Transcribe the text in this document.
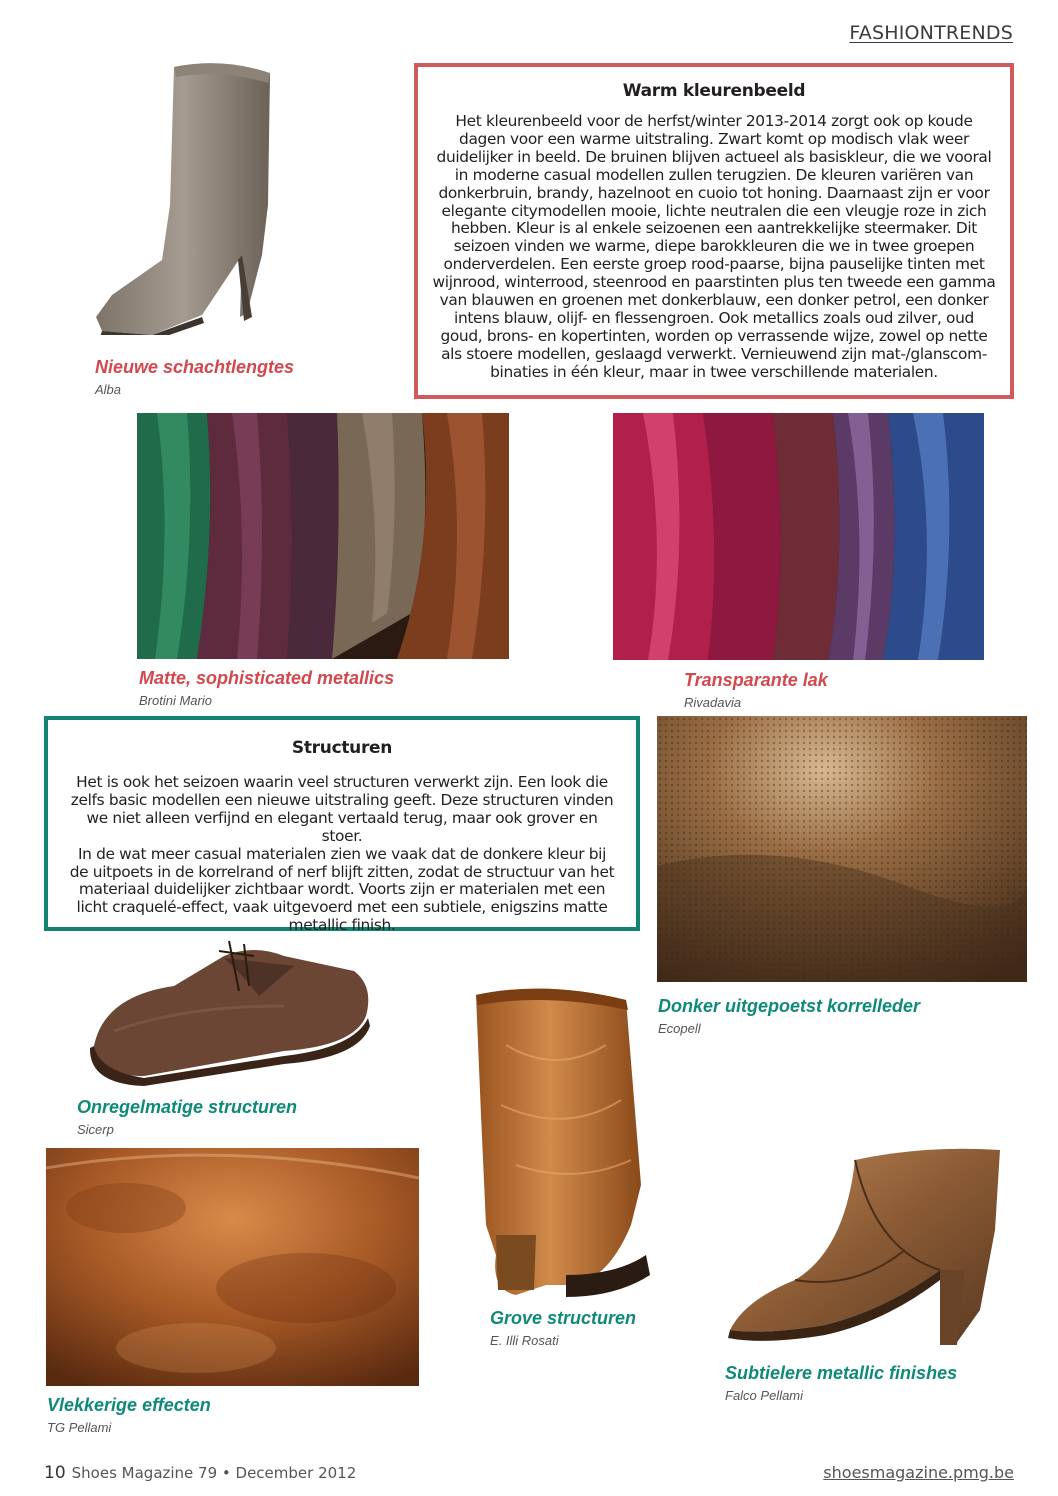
FASHIONTRENDS
Nieuwe schachtlengtes
Alba
Warm kleurenbeeld

Het kleurenbeeld voor de herfst/winter 2013-2014 zorgt ook op koude
dagen voor een warme uitstraling. Zwart komt op modisch vlak weer
duidelijker in beeld. De bruinen blijven actueel als basiskleur, die we vooral
in moderne casual modellen zullen terugzien. De kleuren variëren van
donkerbruin, brandy, hazelnoot en cuoio tot honing. Daarnaast zijn er voor
elegante citymodellen mooie, lichte neutralen die een vleugje roze in zich
hebben. Kleur is al enkele seizoenen een aantrekkelijke steermaker. Dit
seizoen vinden we warme, diepe barokkleuren die we in twee groepen
onderverdelen. Een eerste groep rood-paarse, bijna pauselijke tinten met
wijnrood, winterrood, steenrood en paarstinten plus ten tweede een gamma
van blauwen en groenen met donkerblauw, een donker petrol, een donker
intens blauw, olijf- en flessengroen. Ook metallics zoals oud zilver, oud
goud, brons- en kopertinten, worden op verrassende wijze, zowel op nette
als stoere modellen, geslaagd verwerkt. Vernieuwend zijn mat-/glanscom-
binaties in één kleur, maar in twee verschillende materialen.

Matte, sophisticated metallics
Brotini Mario
Transparante lak
Rivadavia
Structuren

Het is ook het seizoen waarin veel structuren verwerkt zijn. Een look die
zelfs basic modellen een nieuwe uitstraling geeft. Deze structuren vinden
we niet alleen verfijnd en elegant vertaald terug, maar ook grover en stoer.
In de wat meer casual materialen zien we vaak dat de donkere kleur bij
de uitpoets in de korrelrand of nerf blijft zitten, zodat de structuur van het
materiaal duidelijker zichtbaar wordt. Voorts zijn er materialen met een
licht craquelé-effect, vaak uitgevoerd met een subtiele, enigszins matte
metallic finish.

Donker uitgepoetst korrelleder
Ecopell
Onregelmatige structuren
Sicerp
Grove structuren
E. Illi Rosati
Subtielere metallic finishes
Falco Pellami
Vlekkerige effecten
TG Pellami
10 Shoes Magazine 79 • December 2012	shoesmagazine.pmg.be
